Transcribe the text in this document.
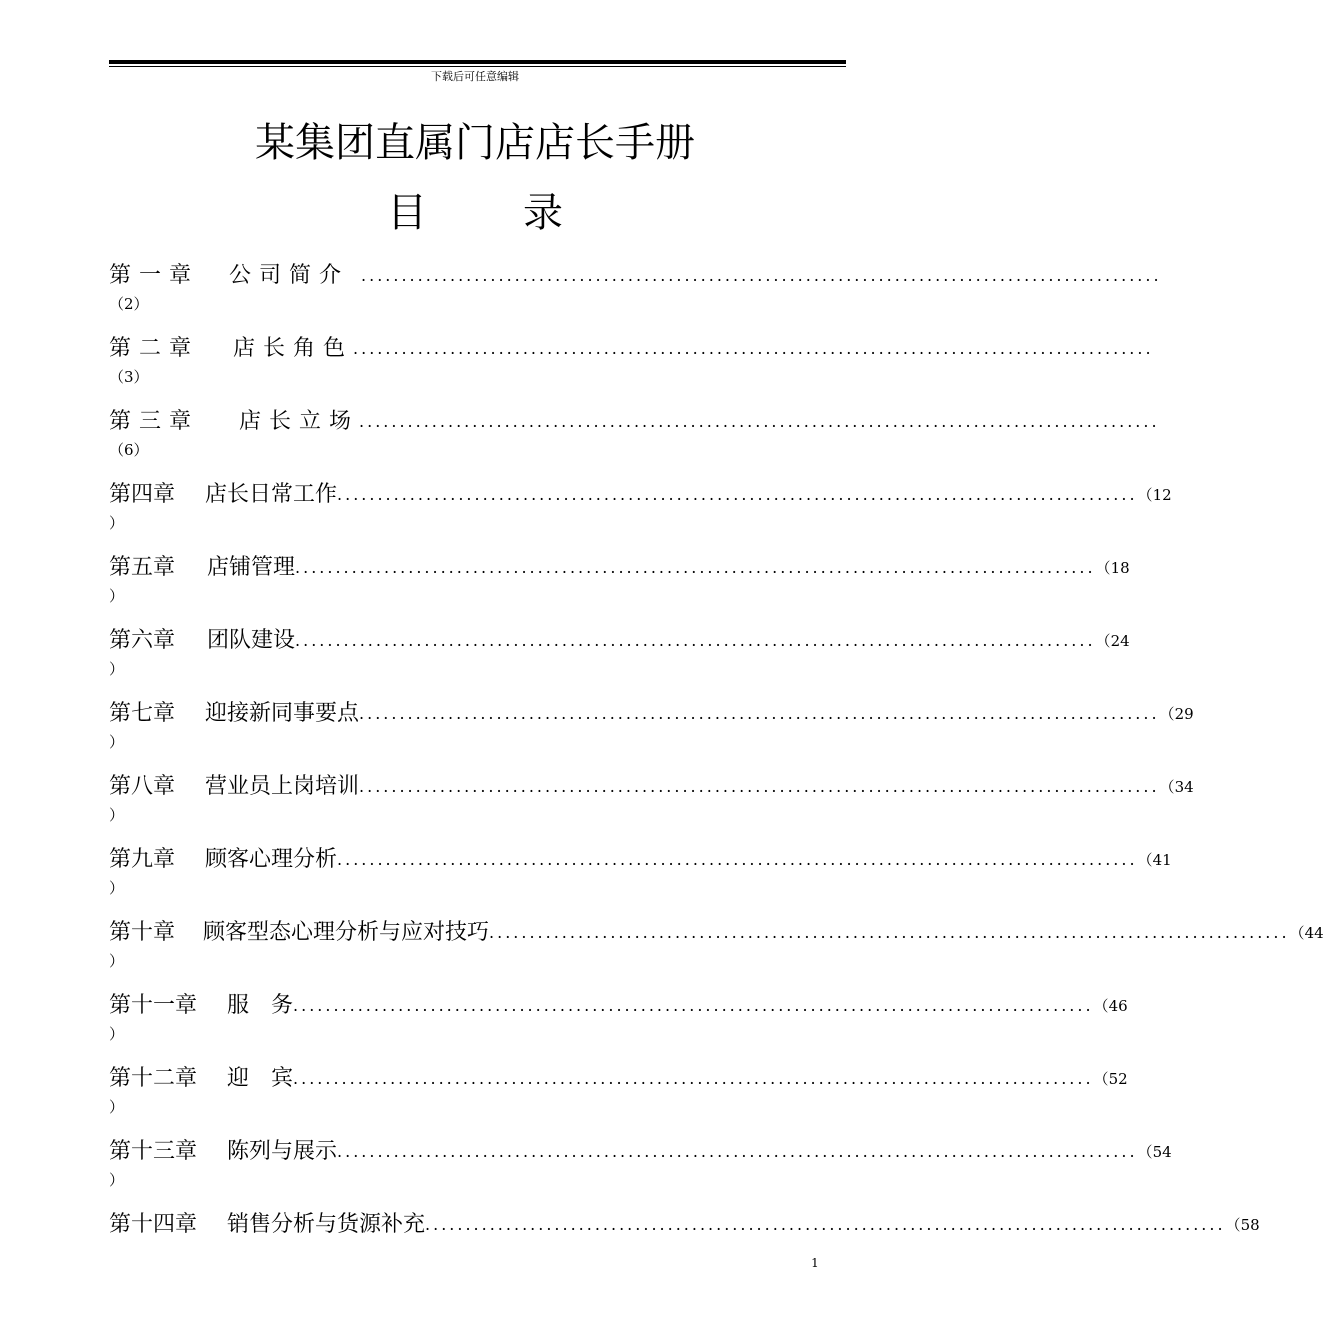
下载后可任意编辑
某集团直属门店店长手册
目 录
第一章 公司简介 ...................................................................................................
（2）
第二章 店长角色 ...................................................................................................
（3）
第三章 店长立场 ...................................................................................................
（6）
第四章 店长日常工作 ................................................................................................... （ 12
）
第五章 店铺管理 ................................................................................................... （ 18
）
第六章 团队建设 ................................................................................................... （ 24
）
第七章 迎接新同事要点 ................................................................................................... （ 29
）
第八章 营业员上岗培训 ................................................................................................... （ 34
）
第九章 顾客心理分析 ................................................................................................... （ 41
）
第十章 顾客型态心理分析与应对技巧 ................................................................................................... （ 44
）
第十一章 服　务 ................................................................................................... （ 46
）
第十二章 迎　宾 ................................................................................................... （ 52
）
第十三章 陈列与展示 ................................................................................................... （ 54
）
第十四章 销售分析与货源补充 ................................................................................................... （ 58
1
